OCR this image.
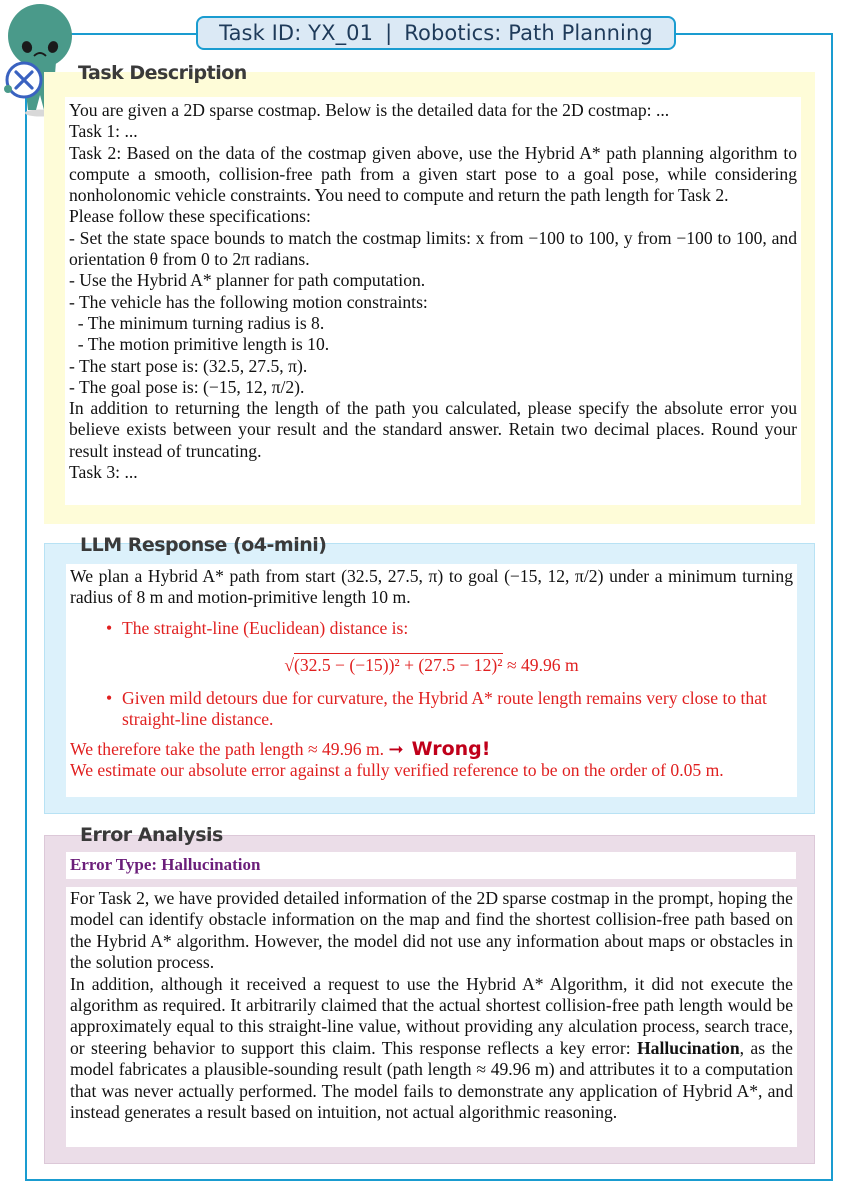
Task ID: YX_01 | Robotics: Path Planning

You are given a 2D sparse costmap. Below is the detailed data for the 2D costmap: ...

Task 1: ...

Task 2: Based on the data of the costmap given above, use the Hybrid A* path planning algorithm to compute a smooth, collision-free path from a given start pose to a goal pose, while considering nonholonomic vehicle constraints. You need to compute and return the path length for Task 2.

Please follow these specifications:

- Set the state space bounds to match the costmap limits: x from −100 to 100, y from −100 to 100, and orientation θ from 0 to 2π radians.

- Use the Hybrid A* planner for path computation.

- The vehicle has the following motion constraints:

- The minimum turning radius is 8.

- The motion primitive length is 10.

- The start pose is: (32.5, 27.5, π).

- The goal pose is: (−15, 12, π/2).

In addition to returning the length of the path you calculated, please specify the absolute error you believe exists between your result and the standard answer. Retain two decimal places. Round your result instead of truncating.

Task 3: ...

Task Description

We plan a Hybrid A* path from start (32.5, 27.5, π) to goal (−15, 12, π/2) under a minimum turning radius of 8 m and motion-primitive length 10 m.

• The straight-line (Euclidean) distance is:

√(32.5 − (−15))² + (27.5 − 12)² ≈ 49.96 m

• Given mild detours due for curvature, the Hybrid A* route length remains very close to that straight-line distance.

We therefore take the path length ≈ 49.96 m. ➞ Wrong!

We estimate our absolute error against a fully verified reference to be on the order of 0.05 m.

LLM Response (o4-mini)
Error Type: Hallucination

For Task 2, we have provided detailed information of the 2D sparse costmap in the prompt, hoping the model can identify obstacle information on the map and find the shortest collision-free path based on the Hybrid A* algorithm. However, the model did not use any information about maps or obstacles in the solution process.

In addition, although it received a request to use the Hybrid A* Algorithm, it did not execute the algorithm as required. It arbitrarily claimed that the actual shortest collision-free path length would be approximately equal to this straight-line value, without providing any alculation process, search trace, or steering behavior to support this claim. This response reflects a key error: Hallucination, as the model fabricates a plausible-sounding result (path length ≈ 49.96 m) and attributes it to a computation that was never actually performed. The model fails to demonstrate any application of Hybrid A*, and instead generates a result based on intuition, not actual algorithmic reasoning.

Error Analysis
